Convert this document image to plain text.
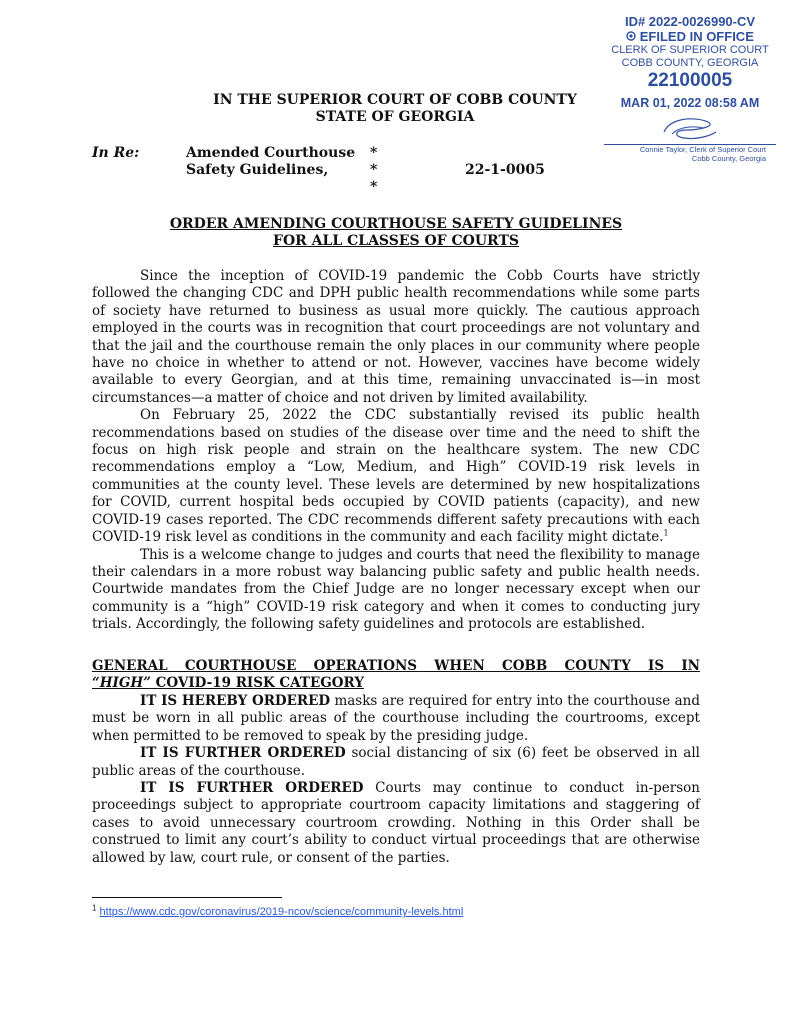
ID# 2022-0026990-CV
EFILED IN OFFICE
CLERK OF SUPERIOR COURT
COBB COUNTY, GEORGIA
22100005
MAR 01, 2022 08:58 AM
Connie Taylor, Clerk of Superior Court
Cobb County, Georgia
IN THE SUPERIOR COURT OF COBB COUNTY
STATE OF GEORGIA
In Re:	Amended Courthouse
Safety Guidelines,
*
*
*
22-1-0005
ORDER AMENDING COURTHOUSE SAFETY GUIDELINES
FOR ALL CLASSES OF COURTS

Since the inception of COVID-19 pandemic the Cobb Courts have strictly followed the changing CDC and DPH public health recommendations while some parts of society have returned to business as usual more quickly. The cautious approach employed in the courts was in recognition that court proceedings are not voluntary and that the jail and the courthouse remain the only places in our community where people have no choice in whether to attend or not. However, vaccines have become widely available to every Georgian, and at this time, remaining unvaccinated is—in most circumstances—a matter of choice and not driven by limited availability.

On February 25, 2022 the CDC substantially revised its public health recommendations based on studies of the disease over time and the need to shift the focus on high risk people and strain on the healthcare system. The new CDC recommendations employ a “Low, Medium, and High” COVID-19 risk levels in communities at the county level. These levels are determined by new hospitalizations for COVID, current hospital beds occupied by COVID patients (capacity), and new COVID-19 cases reported. The CDC recommends different safety precautions with each COVID-19 risk level as conditions in the community and each facility might dictate.$^1$

This is a welcome change to judges and courts that need the flexibility to manage their calendars in a more robust way balancing public safety and public health needs. Courtwide mandates from the Chief Judge are no longer necessary except when our community is a “high” COVID-19 risk category and when it comes to conducting jury trials. Accordingly, the following safety guidelines and protocols are established.

GENERAL COURTHOUSE OPERATIONS WHEN COBB COUNTY IS IN
“HIGH” COVID-19 RISK CATEGORY

IT IS HEREBY ORDERED masks are required for entry into the courthouse and must be worn in all public areas of the courthouse including the courtrooms, except when permitted to be removed to speak by the presiding judge.

IT IS FURTHER ORDERED social distancing of six (6) feet be observed in all public areas of the courthouse.

IT IS FURTHER ORDERED Courts may continue to conduct in-person proceedings subject to appropriate courtroom capacity limitations and staggering of cases to avoid unnecessary courtroom crowding. Nothing in this Order shall be construed to limit any court’s ability to conduct virtual proceedings that are otherwise allowed by law, court rule, or consent of the parties.

$^1$ https://www.cdc.gov/coronavirus/2019-ncov/science/community-levels.html
